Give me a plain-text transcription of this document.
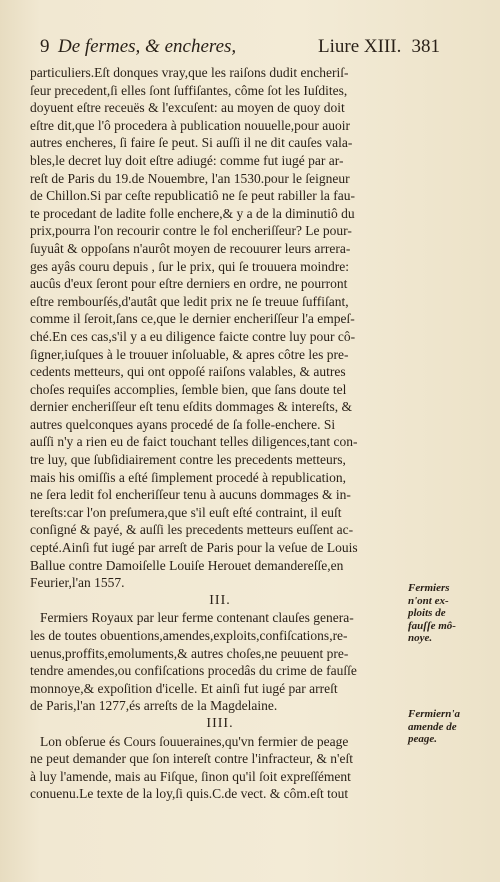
9 De fermes, & encheres,	Liure XIII. 381
particuliers.Eſt donques vray,que les raiſons dudit encheriſ-
ſeur precedent,ſi elles ſont ſuffiſantes, côme ſot les Iuſdites,
doyuent eſtre receuës & l'excuſent: au moyen de quoy doit
eſtre dit,que l'ô procedera à publication nouuelle,pour auoir
autres encheres, ſi faire ſe peut. Si auſſi il ne dit cauſes vala-
bles,le decret luy doit eſtre adiugé: comme fut iugé par ar-
reſt de Paris du 19.de Nouembre, l'an 1530.pour le ſeigneur
de Chillon.Si par ceſte republicatiô ne ſe peut rabiller la fau-
te procedant de ladite folle enchere,& y a de la diminutiô du
prix,pourra l'on recourir contre le fol encheriſſeur? Le pour-
ſuyuât & oppoſans n'aurôt moyen de recouurer leurs arrera-
ges ayâs couru depuis , ſur le prix, qui ſe trouuera moindre:
aucûs d'eux ſeront pour eſtre derniers en ordre, ne pourront
eſtre rembourſés,d'autât que ledit prix ne ſe treuue ſuffiſant,
comme il ſeroit,ſans ce,que le dernier encheriſſeur l'a empeſ-
ché.En ces cas,s'il y a eu diligence faicte contre luy pour cô-
ſigner,iuſques à le trouuer inſoluable, & apres côtre les pre-
cedents metteurs, qui ont oppoſé raiſons valables, & autres
choſes requiſes accomplies, ſemble bien, que ſans doute tel
dernier encheriſſeur eſt tenu eſdits dommages & intereſts, &
autres quelconques ayans procedé de ſa folle-enchere. Si
auſſi n'y a rien eu de faict touchant telles diligences,tant con-
tre luy, que ſubſidiairement contre les precedents metteurs,
mais his omiſſis a eſté ſimplement procedé à republication,
ne ſera ledit fol encheriſſeur tenu à aucuns dommages & in-
tereſts:car l'on preſumera,que s'il euſt eſté contraint, il euſt
conſigné & payé, & auſſi les precedents metteurs euſſent ac-
cepté.Ainſi fut iugé par arreſt de Paris pour la veſue de Louis
Ballue contre Damoiſelle Louiſe Herouet demandereſſe,en
Feurier,l'an 1557.
III.
Fermiers Royaux par leur ferme contenant clauſes genera-
les de toutes obuentions,amendes,exploits,confiſcations,re-
uenus,proffits,emoluments,& autres choſes,ne peuuent pre-
tendre amendes,ou confiſcations procedâs du crime de fauſſe
monnoye,& expoſition d'icelle. Et ainſi fut iugé par arreſt
de Paris,l'an 1277,és arreſts de la Magdelaine.
IIII.
Lon obſerue és Cours ſouueraines,qu'vn fermier de peage
ne peut demander que ſon intereſt contre l'infracteur, & n'eſt
à luy l'amende, mais au Fiſque, ſinon qu'il ſoit expreſſément
conuenu.Le texte de la loy,ſi quis.C.de vect. & côm.eſt tout
Fermiers
n'ont ex-
ploits de
fauſſe mô-
noye.
Fermiern'a
amende de
peage.
